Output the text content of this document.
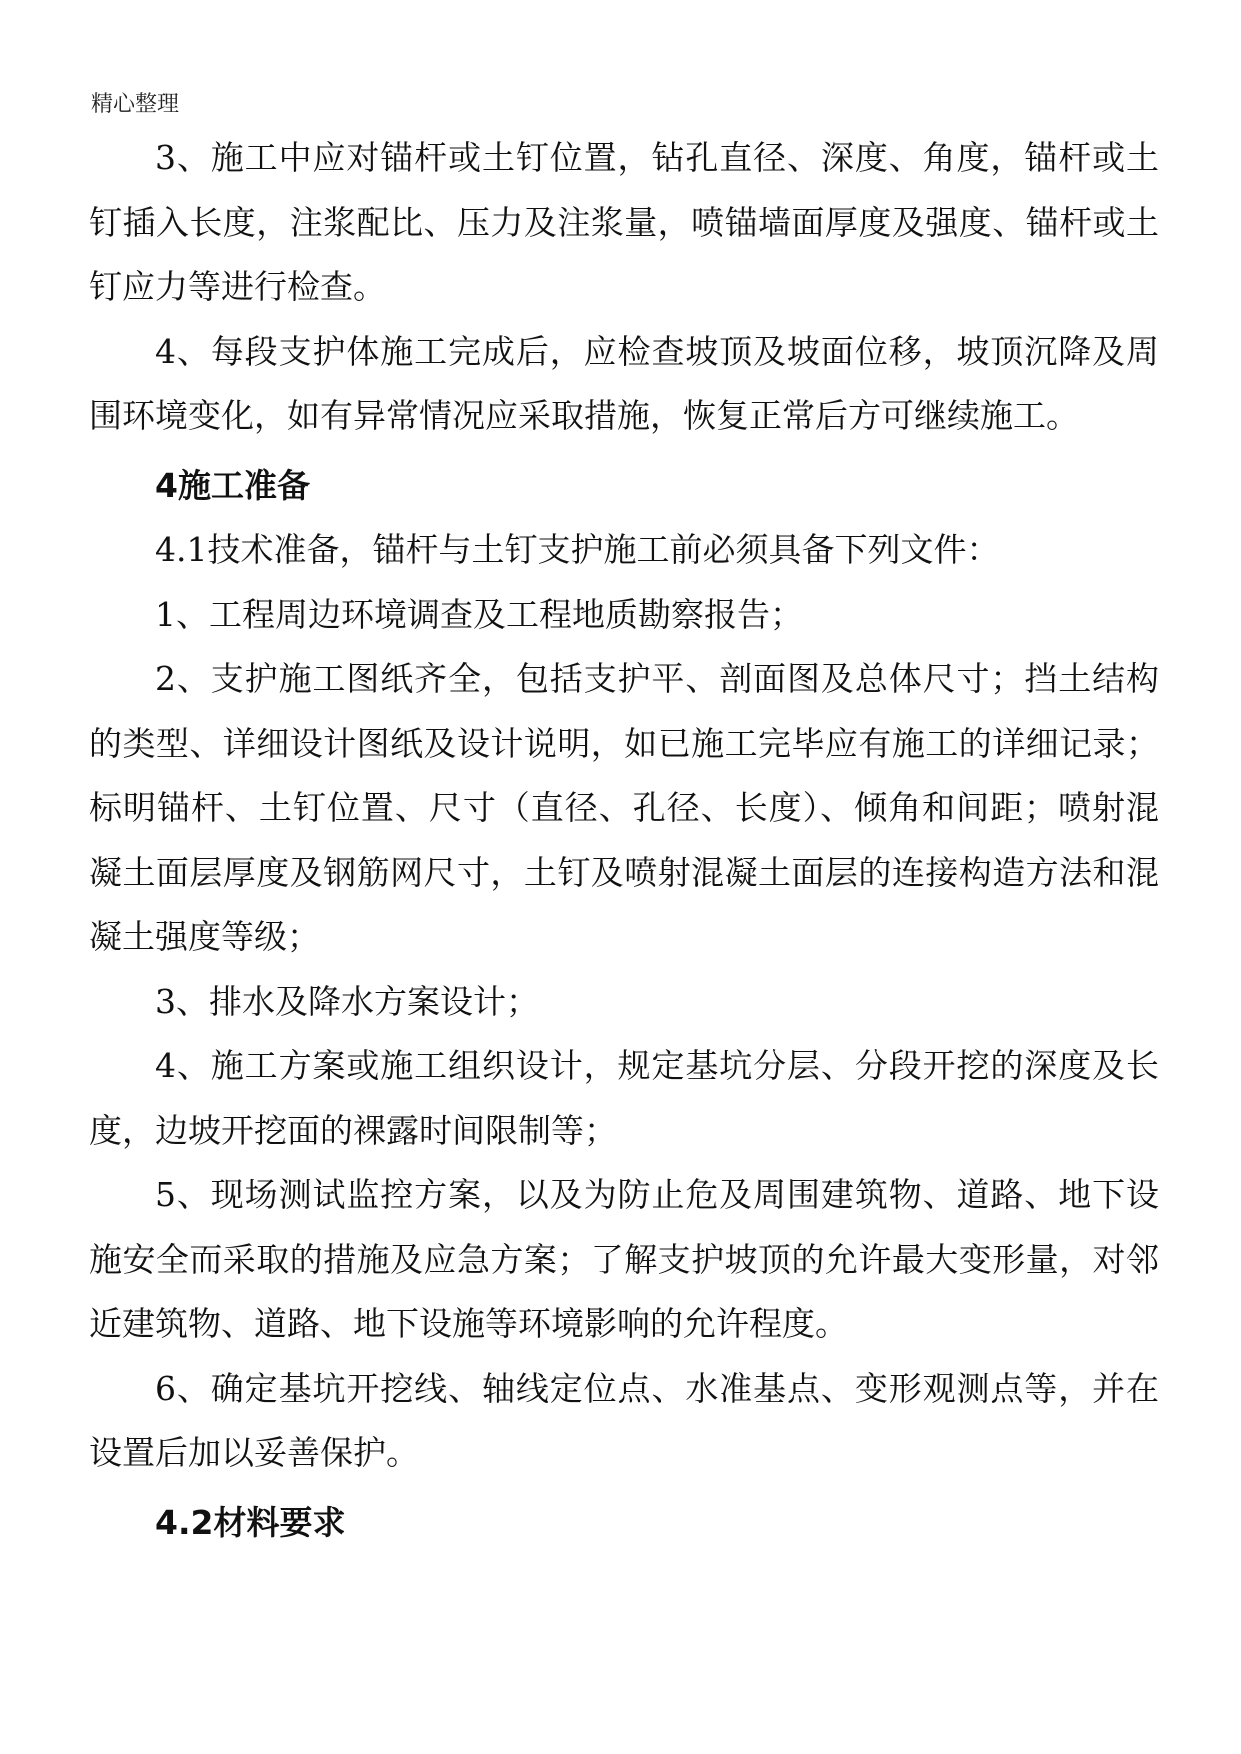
精心整理

3、施工中应对锚杆或土钉位置，钻孔直径、深度、角度，锚杆或土钉插入长度，注浆配比、压力及注浆量，喷锚墙面厚度及强度、锚杆或土钉应力等进行检查。

4、每段支护体施工完成后，应检查坡顶及坡面位移，坡顶沉降及周围环境变化，如有异常情况应采取措施，恢复正常后方可继续施工。

4施工准备

4.1技术准备，锚杆与土钉支护施工前必须具备下列文件：

1、工程周边环境调查及工程地质勘察报告；

2、支护施工图纸齐全，包括支护平、剖面图及总体尺寸；挡土结构的类型、详细设计图纸及设计说明，如已施工完毕应有施工的详细记录；标明锚杆、土钉位置、尺寸（直径、孔径、长度）、倾角和间距；喷射混凝土面层厚度及钢筋网尺寸，土钉及喷射混凝土面层的连接构造方法和混凝土强度等级；

3、排水及降水方案设计；

4、施工方案或施工组织设计，规定基坑分层、分段开挖的深度及长度，边坡开挖面的裸露时间限制等；

5、现场测试监控方案，以及为防止危及周围建筑物、道路、地下设施安全而采取的措施及应急方案；了解支护坡顶的允许最大变形量，对邻近建筑物、道路、地下设施等环境影响的允许程度。

6、确定基坑开挖线、轴线定位点、水准基点、变形观测点等，并在设置后加以妥善保护。

4.2材料要求
